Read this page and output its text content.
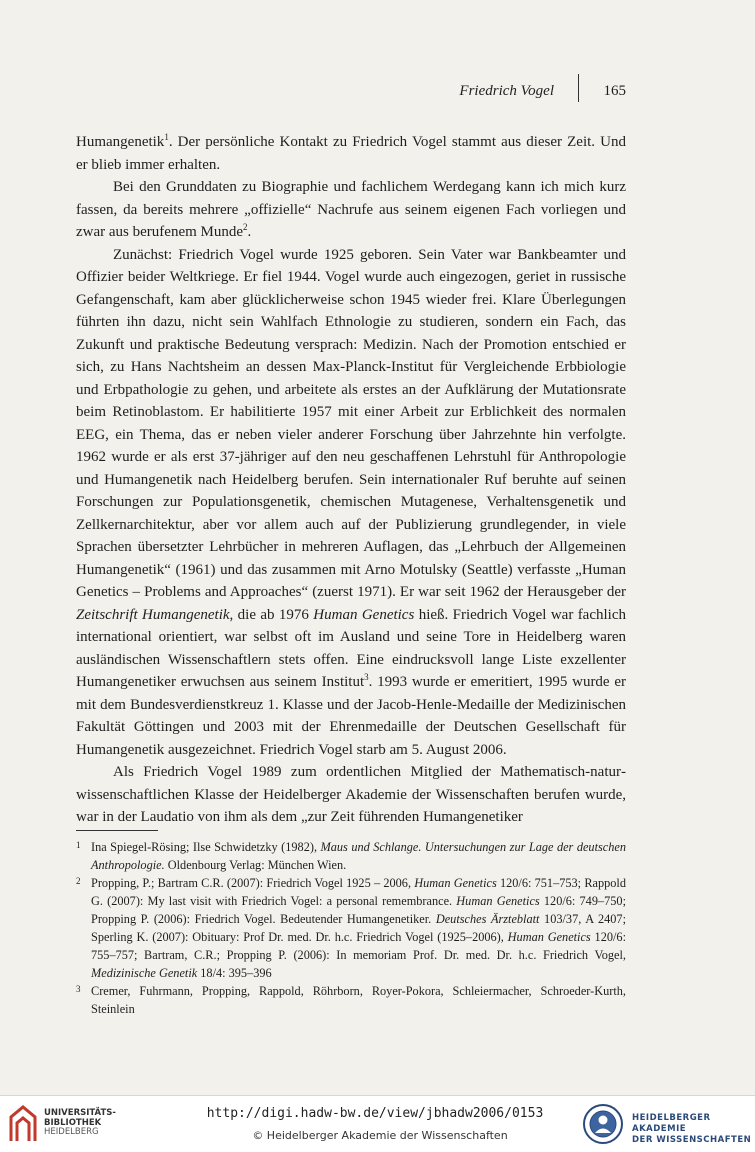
Friedrich Vogel	165

Humangenetik$^1$. Der persönliche Kontakt zu Friedrich Vogel stammt aus dieser Zeit. Und er blieb immer erhalten.

Bei den Grunddaten zu Biographie und fachlichem Werdegang kann ich mich kurz fassen, da bereits mehrere „offizielle“ Nachrufe aus seinem eigenen Fach vorliegen und zwar aus berufenem Munde$^2$.

Zunächst: Friedrich Vogel wurde 1925 geboren. Sein Vater war Bankbeamter und Offizier beider Weltkriege. Er fiel 1944. Vogel wurde auch eingezogen, geriet in russische Gefangenschaft, kam aber glücklicherweise schon 1945 wieder frei. Klare Überlegungen führten ihn dazu, nicht sein Wahlfach Ethnologie zu studieren, sondern ein Fach, das Zukunft und praktische Bedeutung versprach: Medizin. Nach der Promotion entschied er sich, zu Hans Nachtsheim an dessen Max-Planck-Institut für Vergleichende Erbbiologie und Erbpathologie zu gehen, und arbeitete als erstes an der Aufklärung der Mutationsrate beim Retinoblastom. Er habilitierte 1957 mit einer Arbeit zur Erblichkeit des normalen EEG, ein Thema, das er neben vieler anderer Forschung über Jahrzehnte hin verfolgte. 1962 wurde er als erst 37-jähriger auf den neu geschaffenen Lehrstuhl für Anthropologie und Humangenetik nach Heidelberg berufen. Sein internationaler Ruf beruhte auf seinen Forschungen zur Populationsgenetik, chemischen Mutagenese, Verhaltensgenetik und Zellkernarchitektur, aber vor allem auch auf der Publizierung grundlegender, in viele Sprachen übersetzter Lehrbücher in mehreren Auflagen, das „Lehrbuch der Allgemeinen Humangenetik“ (1961) und das zusammen mit Arno Motulsky (Seattle) verfasste „Human Genetics – Problems and Approaches“ (zuerst 1971). Er war seit 1962 der Herausgeber der Zeitschrift Humangenetik, die ab 1976 Human Genetics hieß. Friedrich Vogel war fachlich international orientiert, war selbst oft im Ausland und seine Tore in Heidelberg waren ausländischen Wissenschaftlern stets offen. Eine eindrucksvoll lange Liste exzellenter Humangenetiker erwuchsen aus seinem Institut$^3$. 1993 wurde er emeritiert, 1995 wurde er mit dem Bundesverdienstkreuz 1. Klasse und der Jacob-Henle-Medaille der Medizinischen Fakultät Göttingen und 2003 mit der Ehrenmedaille der Deutschen Gesellschaft für Humangenetik ausgezeichnet. Friedrich Vogel starb am 5. August 2006.

Als Friedrich Vogel 1989 zum ordentlichen Mitglied der Mathematisch-naturwissenschaftlichen Klasse der Heidelberger Akademie der Wissenschaften berufen wurde, war in der Laudatio von ihm als dem „zur Zeit führenden Humangenetiker

1 Ina Spiegel-Rösing; Ilse Schwidetzky (1982), Maus und Schlange. Untersuchungen zur Lage der deutschen Anthropologie. Oldenbourg Verlag: München Wien.

2 Propping, P.; Bartram C.R. (2007): Friedrich Vogel 1925 – 2006, Human Genetics 120/6: 751–753; Rappold G. (2007): My last visit with Friedrich Vogel: a personal remembrance. Human Genetics 120/6: 749–750; Propping P. (2006): Friedrich Vogel. Bedeutender Humangenetiker. Deutsches Ärzteblatt 103/37, A 2407; Sperling K. (2007): Obituary: Prof Dr. med. Dr. h.c. Friedrich Vogel (1925–2006), Human Genetics 120/6: 755–757; Bartram, C.R.; Propping P. (2006): In memoriam Prof. Dr. med. Dr. h.c. Friedrich Vogel, Medizinische Genetik 18/4: 395–396

3 Cremer, Fuhrmann, Propping, Rappold, Röhrborn, Royer-Pokora, Schleiermacher, Schroeder-Kurth, Steinlein

UNIVERSITÄTS-
BIBLIOTHEK
HEIDELBERG
http://digi.hadw-bw.de/view/jbhadw2006/0153
© Heidelberger Akademie der Wissenschaften
HEIDELBERGER AKADEMIE
DER WISSENSCHAFTEN
